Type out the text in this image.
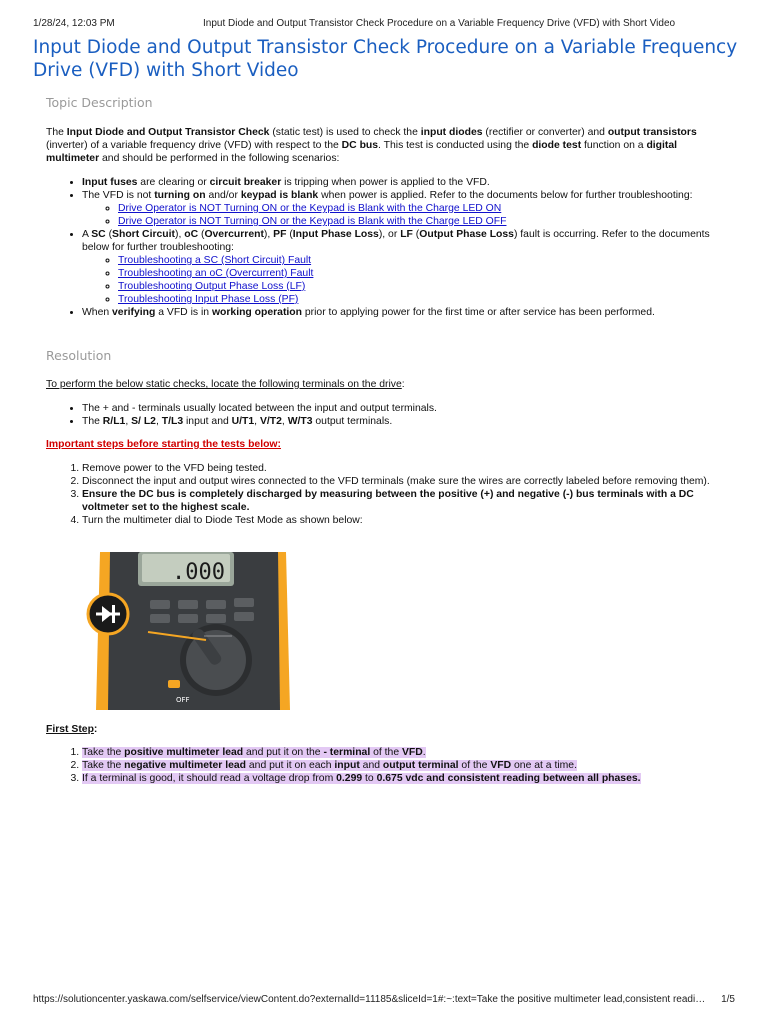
1/28/24, 12:03 PM	Input Diode and Output Transistor Check Procedure on a Variable Frequency Drive (VFD) with Short Video
Input Diode and Output Transistor Check Procedure on a Variable Frequency Drive (VFD) with Short Video
Topic Description

The Input Diode and Output Transistor Check (static test) is used to check the input diodes (rectifier or converter) and output transistors (inverter) of a variable frequency drive (VFD) with respect to the DC bus. This test is conducted using the diode test function on a digital multimeter and should be performed in the following scenarios:

• Input fuses are clearing or circuit breaker is tripping when power is applied to the VFD.
• The VFD is not turning on and/or keypad is blank when power is applied. Refer to the documents below for further troubleshooting:
◦ Drive Operator is NOT Turning ON or the Keypad is Blank with the Charge LED ON
◦ Drive Operator is NOT Turning ON or the Keypad is Blank with the Charge LED OFF
• A SC (Short Circuit), oC (Overcurrent), PF (Input Phase Loss), or LF (Output Phase Loss) fault is occurring. Refer to the documents below for further troubleshooting:
◦ Troubleshooting a SC (Short Circuit) Fault
◦ Troubleshooting an oC (Overcurrent) Fault
◦ Troubleshooting Output Phase Loss (LF)
◦ Troubleshooting Input Phase Loss (PF)
• When verifying a VFD is in working operation prior to applying power for the first time or after service has been performed.
Resolution

To perform the below static checks, locate the following terminals on the drive:

• The + and - terminals usually located between the input and output terminals.
• The R/L1, S/ L2, T/L3 input and U/T1, V/T2, W/T3 output terminals.

Important steps before starting the tests below:

1. Remove power to the VFD being tested.
2. Disconnect the input and output wires connected to the VFD terminals (make sure the wires are correctly labeled before removing them).
3. Ensure the DC bus is completely discharged by measuring between the positive (+) and negative (-) bus terminals with a DC voltmeter set to the highest scale.
4. Turn the multimeter dial to Diode Test Mode as shown below:
.000
OFF

First Step:

1. Take the positive multimeter lead and put it on the - terminal of the VFD.
2. Take the negative multimeter lead and put it on each input and output terminal of the VFD one at a time.
3. If a terminal is good, it should read a voltage drop from 0.299 to 0.675 vdc and consistent reading between all phases.
https://solutioncenter.yaskawa.com/selfservice/viewContent.do?externalId=11185&sliceId=1#:~:text=Take the positive multimeter lead,consistent readi… 1/5
